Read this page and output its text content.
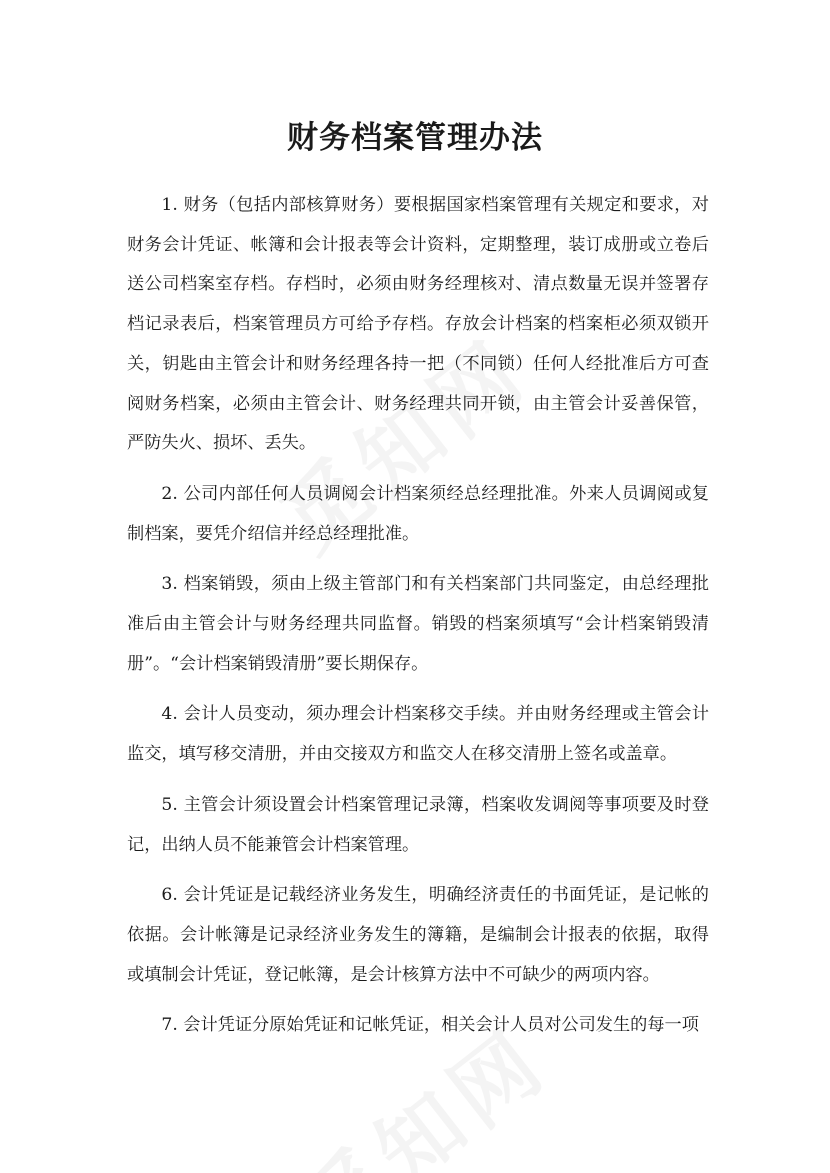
财务档案管理办法

1. 财务（包括内部核算财务）要根据国家档案管理有关规定和要求，对财务会计凭证、帐簿和会计报表等会计资料，定期整理，装订成册或立卷后送公司档案室存档。存档时，必须由财务经理核对、清点数量无误并签署存档记录表后，档案管理员方可给予存档。存放会计档案的档案柜必须双锁开关，钥匙由主管会计和财务经理各持一把（不同锁）任何人经批准后方可查阅财务档案，必须由主管会计、财务经理共同开锁，由主管会计妥善保管，严防失火、损坏、丢失。

2. 公司内部任何人员调阅会计档案须经总经理批准。外来人员调阅或复制档案，要凭介绍信并经总经理批准。

3. 档案销毁，须由上级主管部门和有关档案部门共同鉴定，由总经理批准后由主管会计与财务经理共同监督。销毁的档案须填写“会计档案销毁清册”。“会计档案销毁清册”要长期保存。

4. 会计人员变动，须办理会计档案移交手续。并由财务经理或主管会计监交，填写移交清册，并由交接双方和监交人在移交清册上签名或盖章。

5. 主管会计须设置会计档案管理记录簿，档案收发调阅等事项要及时登记，出纳人员不能兼管会计档案管理。

6. 会计凭证是记载经济业务发生，明确经济责任的书面凭证，是记帐的依据。会计帐簿是记录经济业务发生的簿籍，是编制会计报表的依据，取得或填制会计凭证，登记帐簿，是会计核算方法中不可缺少的两项内容。

7. 会计凭证分原始凭证和记帐凭证，相关会计人员对公司发生的每一项
